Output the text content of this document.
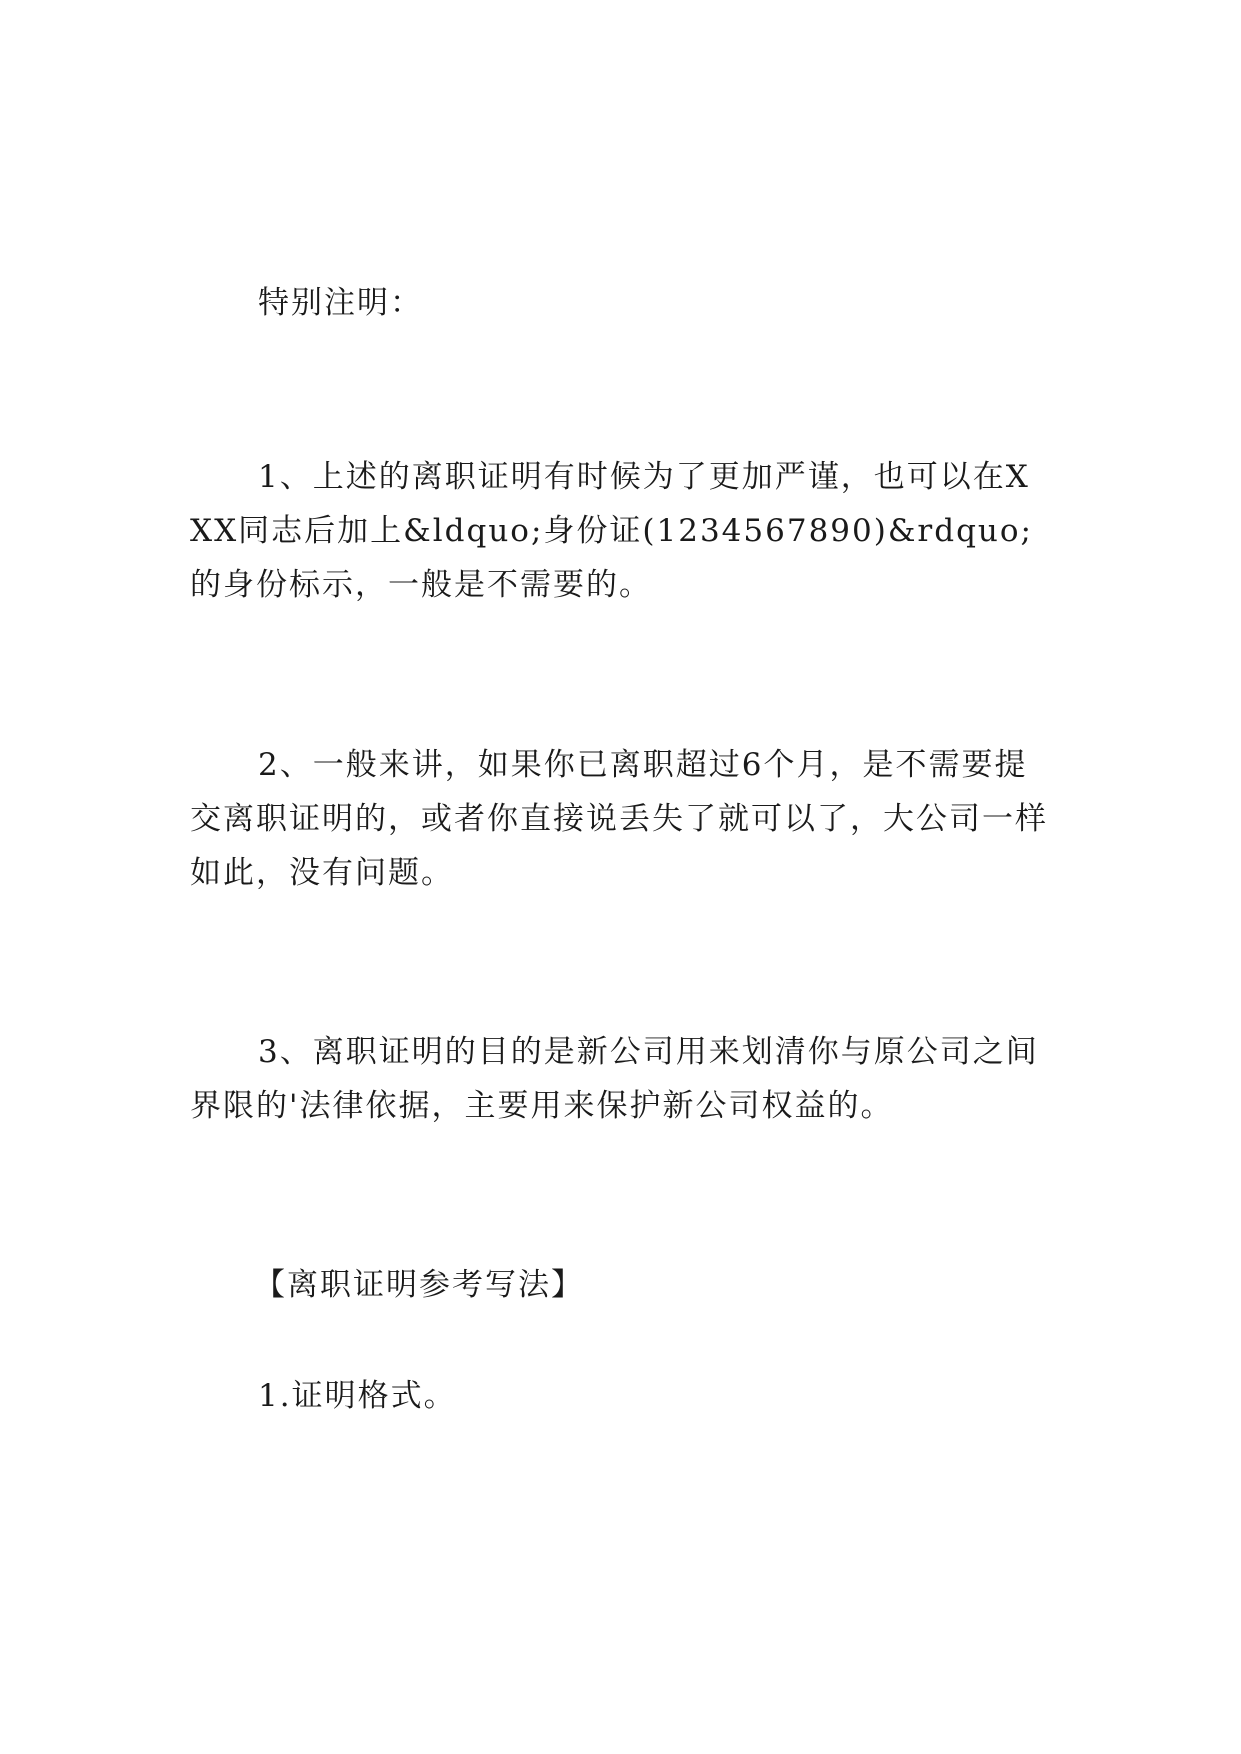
特别注明：

1、上述的离职证明有时候为了更加严谨，也可以在XXX同志后加上&ldquo;身份证(1234567890)&rdquo;的身份标示，一般是不需要的。

2、一般来讲，如果你已离职超过6个月，是不需要提交离职证明的，或者你直接说丢失了就可以了，大公司一样如此，没有问题。

3、离职证明的目的是新公司用来划清你与原公司之间界限的'法律依据，主要用来保护新公司权益的。

【离职证明参考写法】

1.证明格式。
